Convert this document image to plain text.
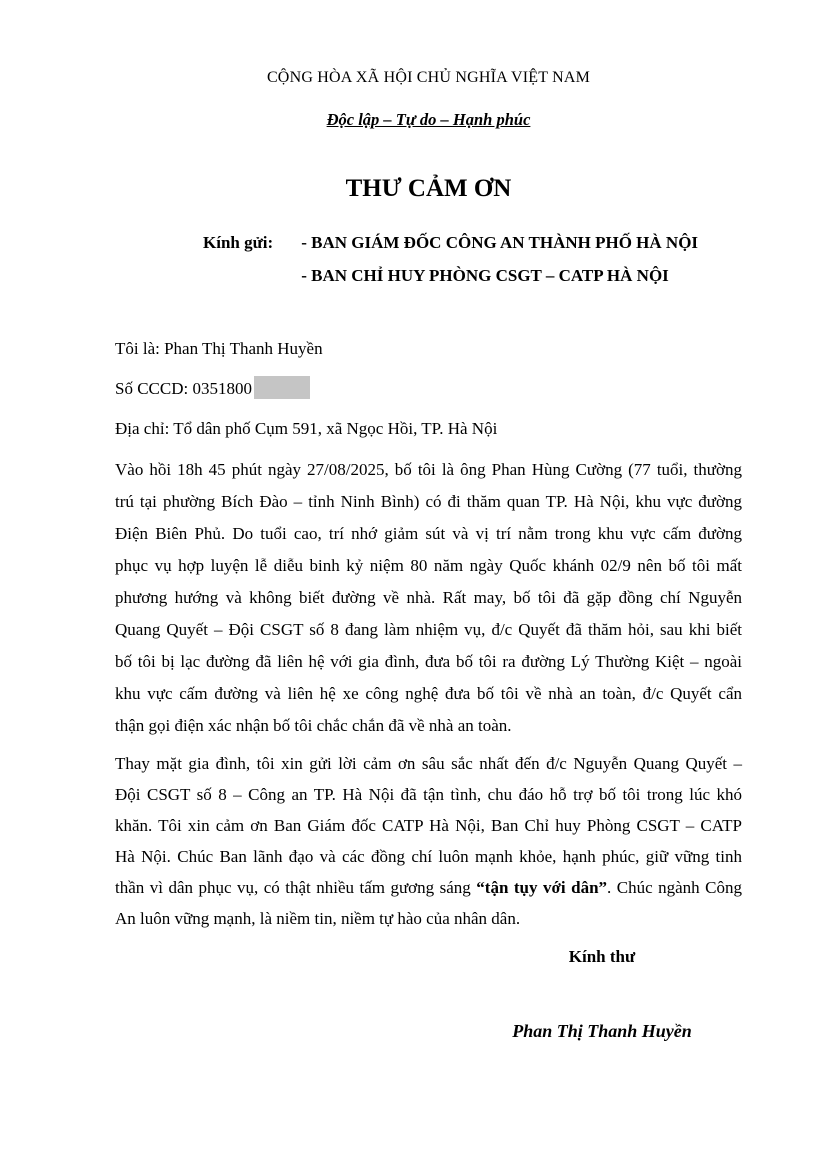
CỘNG HÒA XÃ HỘI CHỦ NGHĨA VIỆT NAM
Độc lập – Tự do – Hạnh phúc
THƯ CẢM ƠN
Kính gửi: - BAN GIÁM ĐỐC CÔNG AN THÀNH PHỐ HÀ NỘI
- BAN CHỈ HUY PHÒNG CSGT – CATP HÀ NỘI
Tôi là: Phan Thị Thanh Huyền
Số CCCD: 0351800
Địa chỉ: Tổ dân phố Cụm 591, xã Ngọc Hồi, TP. Hà Nội
Vào hồi 18h 45 phút ngày 27/08/2025, bố tôi là ông Phan Hùng Cường (77 tuổi, thường
trú tại phường Bích Đào – tỉnh Ninh Bình) có đi thăm quan TP. Hà Nội, khu vực đường
Điện Biên Phủ. Do tuổi cao, trí nhớ giảm sút và vị trí nằm trong khu vực cấm đường
phục vụ hợp luyện lễ diễu binh kỷ niệm 80 năm ngày Quốc khánh 02/9 nên bố tôi mất
phương hướng và không biết đường về nhà. Rất may, bố tôi đã gặp đồng chí Nguyễn
Quang Quyết – Đội CSGT số 8 đang làm nhiệm vụ, đ/c Quyết đã thăm hỏi, sau khi biết
bố tôi bị lạc đường đã liên hệ với gia đình, đưa bố tôi ra đường Lý Thường Kiệt – ngoài
khu vực cấm đường và liên hệ xe công nghệ đưa bố tôi về nhà an toàn, đ/c Quyết cẩn
thận gọi điện xác nhận bố tôi chắc chắn đã về nhà an toàn.
Thay mặt gia đình, tôi xin gửi lời cảm ơn sâu sắc nhất đến đ/c Nguyễn Quang Quyết –
Đội CSGT số 8 – Công an TP. Hà Nội đã tận tình, chu đáo hỗ trợ bố tôi trong lúc khó
khăn. Tôi xin cảm ơn Ban Giám đốc CATP Hà Nội, Ban Chỉ huy Phòng CSGT – CATP
Hà Nội. Chúc Ban lãnh đạo và các đồng chí luôn mạnh khỏe, hạnh phúc, giữ vững tinh
thần vì dân phục vụ, có thật nhiều tấm gương sáng “tận tụy với dân”. Chúc ngành Công
An luôn vững mạnh, là niềm tin, niềm tự hào của nhân dân.
Kính thư
Phan Thị Thanh Huyền
